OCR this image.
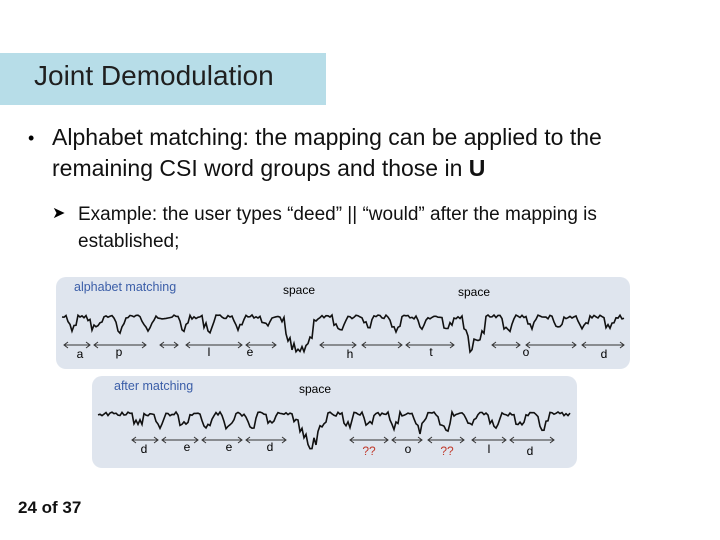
Joint Demodulation
• Alphabet matching: the mapping can be applied to the remaining CSI word groups and those in U
➤ Example: the user types “deed” || “would” after the mapping is established;
alphabet matching	space	space
a	p	l	e	h	t	o	d
after matching	space
d	e	e	d	?? o ??	l	d
24 of 37
